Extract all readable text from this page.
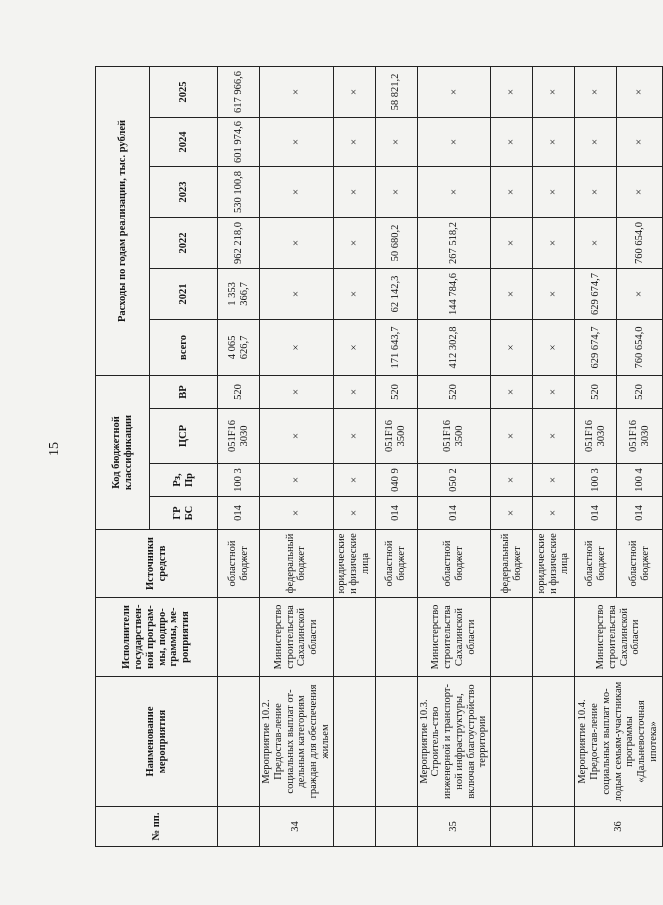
15
№ пп.	Наименование мероприятия	Исполнители государствен-ной програм-мы, подпро-граммы, ме-роприятия	Источники средств	Код бюджетной классификации				Расходы по годам реализации, тыс. рублей					
				ГР БС	Рз, Пр	ЦСР	ВР	всего	2021	2022	2023	2024	2025
			областной бюджет	014	100 3	051F16 3030	520	4 065 626,7	1 353 366,7	962 218,0	530 100,8	601 974,6	617 966,6
34	Мероприятие 10.2. Предостав-ление социальных выплат от-дельным категориям граждан для обеспечения жильем	Министерство строительства Сахалинской области	федеральный бюджет	×	×	×	×	×	×	×	×	×	×
			юридические и физические лица	×	×	×	×	×	×	×	×	×	×
			областной бюджет	014	040 9	051F16 3500	520	171 643,7	62 142,3	50 680,2	×	×	58 821,2
35	Мероприятие 10.3. Строитель-ство инженерной и транспорт-ной инфраструктуры, включая благоустройство территории	Министерство строительства Сахалинской области	областной бюджет	014	050 2	051F16 3500	520	412 302,8	144 784,6	267 518,2	×	×	×
			федеральный бюджет	×	×	×	×	×	×	×	×	×	×
			юридические и физические лица	×	×	×	×	×	×	×	×	×	×
36	Мероприятие 10.4. Предостав-ление социальных выплат мо-лодым семьям-участникам программы «Дальневосточная ипотека»	Министерство строительства Сахалинской области	областной бюджет	014	100 3	051F16 3030	520	629 674,7	629 674,7	×	×	×	×
			областной бюджет	014	100 4	051F16 3030	520	760 654,0	×	760 654,0	×	×	×
